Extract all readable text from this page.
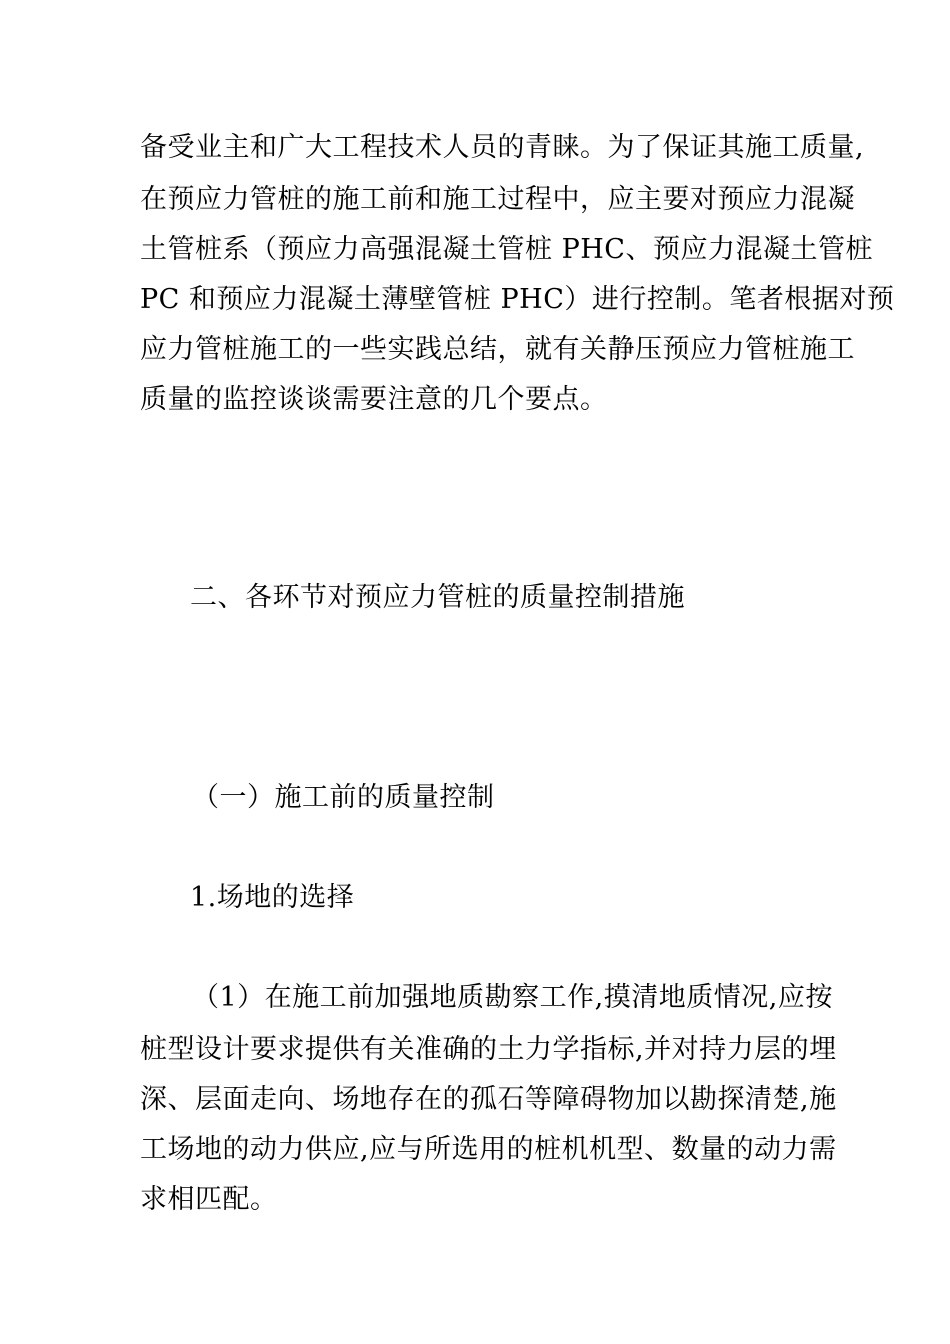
备受业主和广大工程技术人员的青睐。为了保证其施工质量,
在预应力管桩的施工前和施工过程中，应主要对预应力混凝
土管桩系（预应力高强混凝土管桩 PHC、预应力混凝土管桩
PC 和预应力混凝土薄壁管桩 PHC）进行控制。笔者根据对预
应力管桩施工的一些实践总结，就有关静压预应力管桩施工
质量的监控谈谈需要注意的几个要点。
二、各环节对预应力管桩的质量控制措施
（一）施工前的质量控制
1.场地的选择
（1）在施工前加强地质勘察工作,摸清地质情况,应按
桩型设计要求提供有关准确的土力学指标,并对持力层的埋
深、层面走向、场地存在的孤石等障碍物加以勘探清楚,施
工场地的动力供应,应与所选用的桩机机型、数量的动力需
求相匹配。
